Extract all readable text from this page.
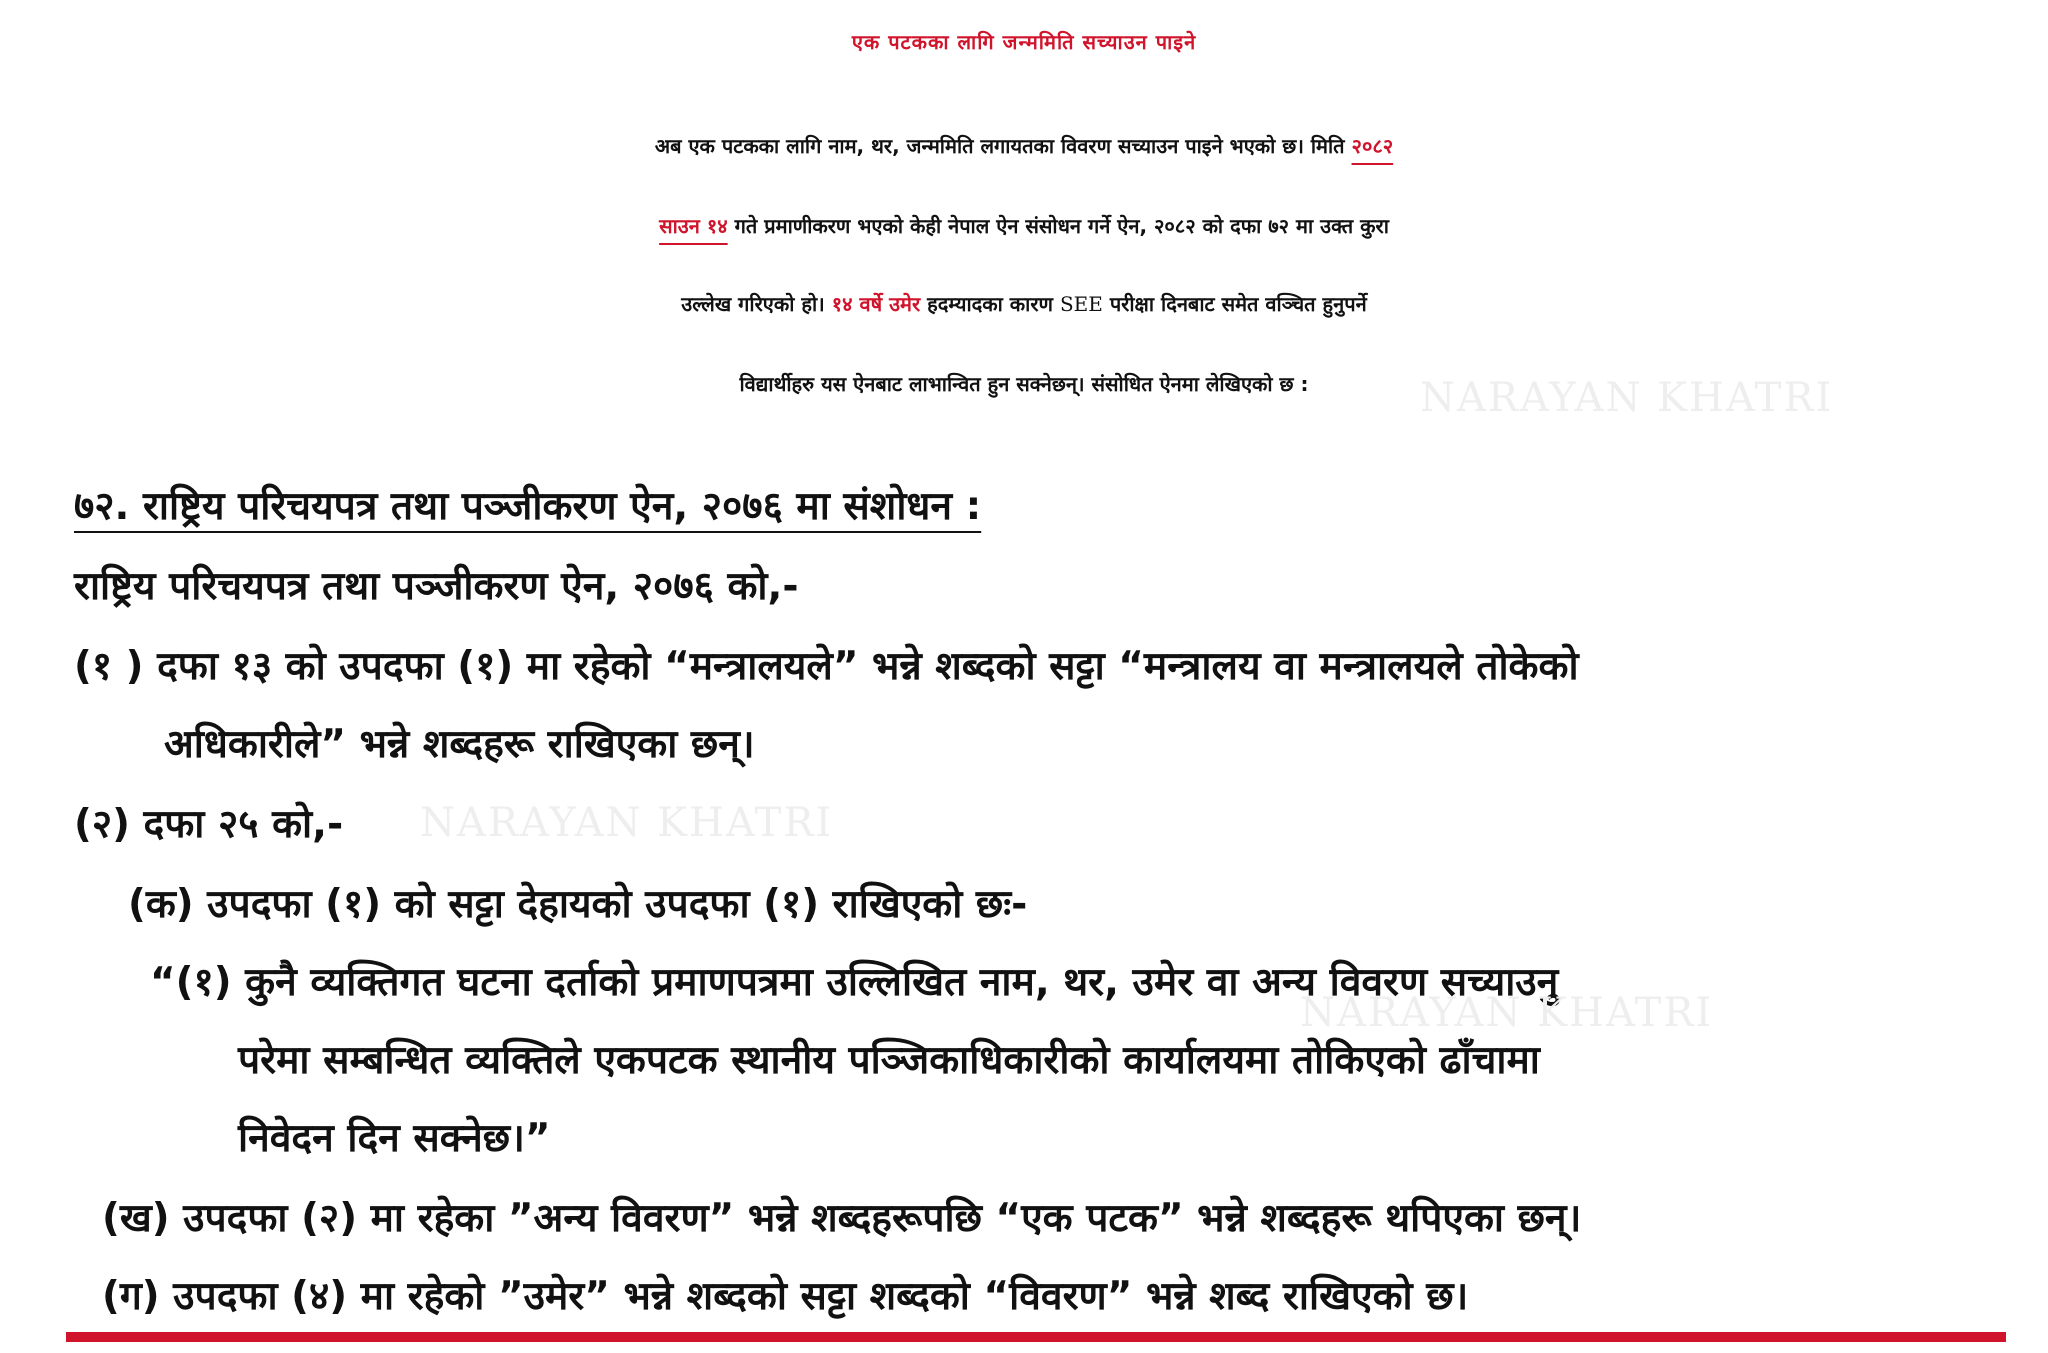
एक पटकका लागि जन्ममिति सच्याउन पाइने
अब एक पटकका लागि नाम, थर, जन्ममिति लगायतका विवरण सच्याउन पाइने भएको छ। मिति २०८२
साउन १४ गते प्रमाणीकरण भएको केही नेपाल ऐन संसोधन गर्ने ऐन, २०८२ को दफा ७२ मा उक्त कुरा
उल्लेख गरिएको हो। १४ वर्षे उमेर हदम्यादका कारण SEE परीक्षा दिनबाट समेत वञ्चित हुनुपर्ने
विद्यार्थीहरु यस ऐनबाट लाभान्वित हुन सक्नेछन्। संसोधित ऐनमा लेखिएको छ :	NARAYAN KHATRI
७२. राष्ट्रिय परिचयपत्र तथा पञ्जीकरण ऐन, २०७६ मा संशोधन :
राष्ट्रिय परिचयपत्र तथा पञ्जीकरण ऐन, २०७६ को,-
(१ ) दफा १३ को उपदफा (१) मा रहेको “मन्त्रालयले” भन्ने शब्दको सट्टा “मन्त्रालय वा मन्त्रालयले तोकेको
अधिकारीले” भन्ने शब्दहरू राखिएका छन्।
(२) दफा २५ को,- NARAYAN KHATRI
(क) उपदफा (१) को सट्टा देहायको उपदफा (१) राखिएको छः-
“(१) कुनै व्यक्तिगत घटना दर्ताको प्रमाणपत्रमा उल्लिखित नाम, थर, उमेर वा अन्य विवरण सच्याउनु
NARAYAN KHATRI
परेमा सम्बन्धित व्यक्तिले एकपटक स्थानीय पञ्जिकाधिकारीको कार्यालयमा तोकिएको ढाँचामा
निवेदन दिन सक्नेछ।”
(ख) उपदफा (२) मा रहेका ”अन्य विवरण” भन्ने शब्दहरूपछि “एक पटक” भन्ने शब्दहरू थपिएका छन्।
(ग) उपदफा (४) मा रहेको ”उमेर” भन्ने शब्दको सट्टा शब्दको “विवरण” भन्ने शब्द राखिएको छ।
